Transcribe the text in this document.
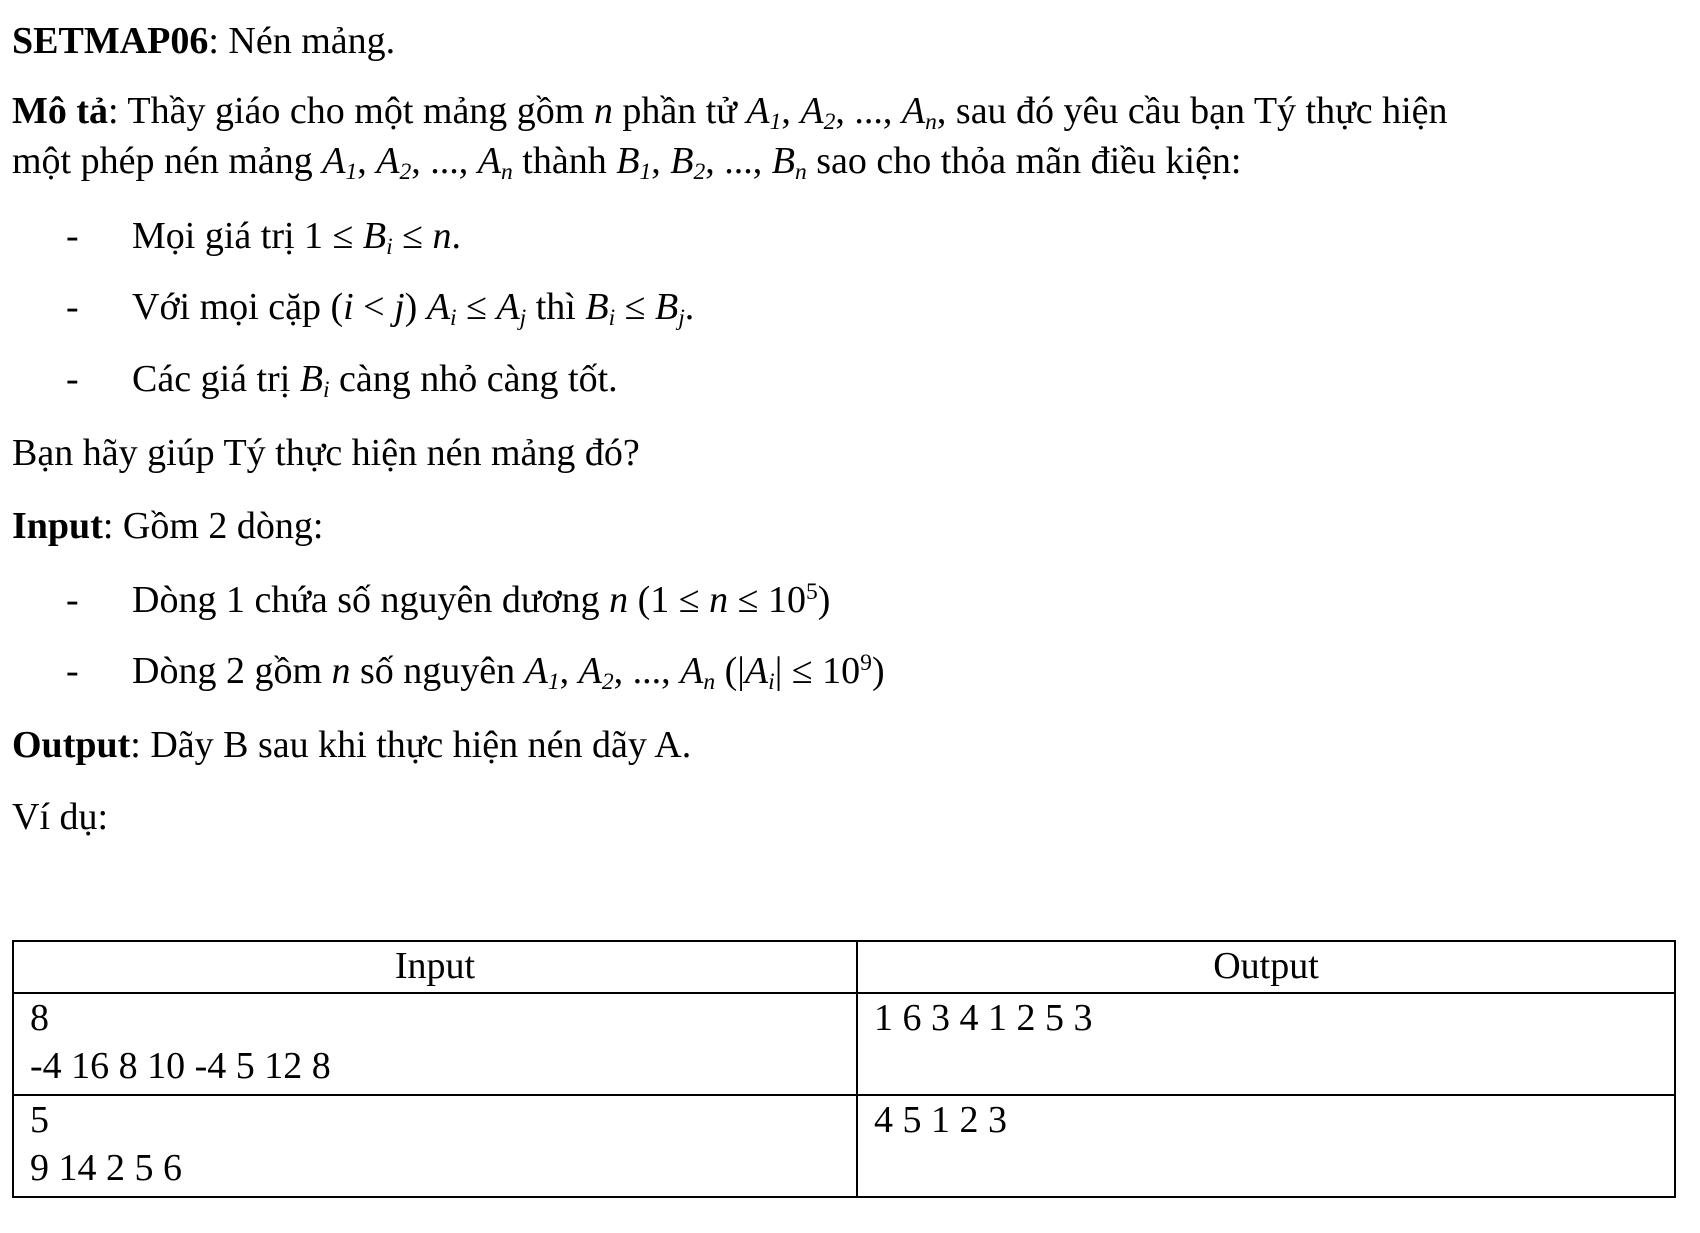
SETMAP06: Nén mảng.
Mô tả: Thầy giáo cho một mảng gồm n phần tử $A_1$, $A_2$, ..., $A_n$, sau đó yêu cầu bạn Tý thực hiện
một phép nén mảng $A_1$, $A_2$, ..., $A_n$ thành $B_1$, $B_2$, ..., $B_n$ sao cho thỏa mãn điều kiện:
- Mọi giá trị $1 \le B_i \le n$.
- Với mọi cặp (i < j) $A_i \le A_j$ thì $B_i \le B_j$.
- Các giá trị $B_i$ càng nhỏ càng tốt.
Bạn hãy giúp Tý thực hiện nén mảng đó?
Input: Gồm 2 dòng:
- Dòng 1 chứa số nguyên dương n $(1 \le n \le 10^5)$
- Dòng 2 gồm n số nguyên $A_1$, $A_2$, ..., $A_n$ $(|A_i| \le 10^9)$
Output: Dãy B sau khi thực hiện nén dãy A.
Ví dụ:
Input	Output

8
-4 16 8 10 -4 5 12 8	1 6 3 4 1 2 5 3

5
9 14 2 5 6	4 5 1 2 3
